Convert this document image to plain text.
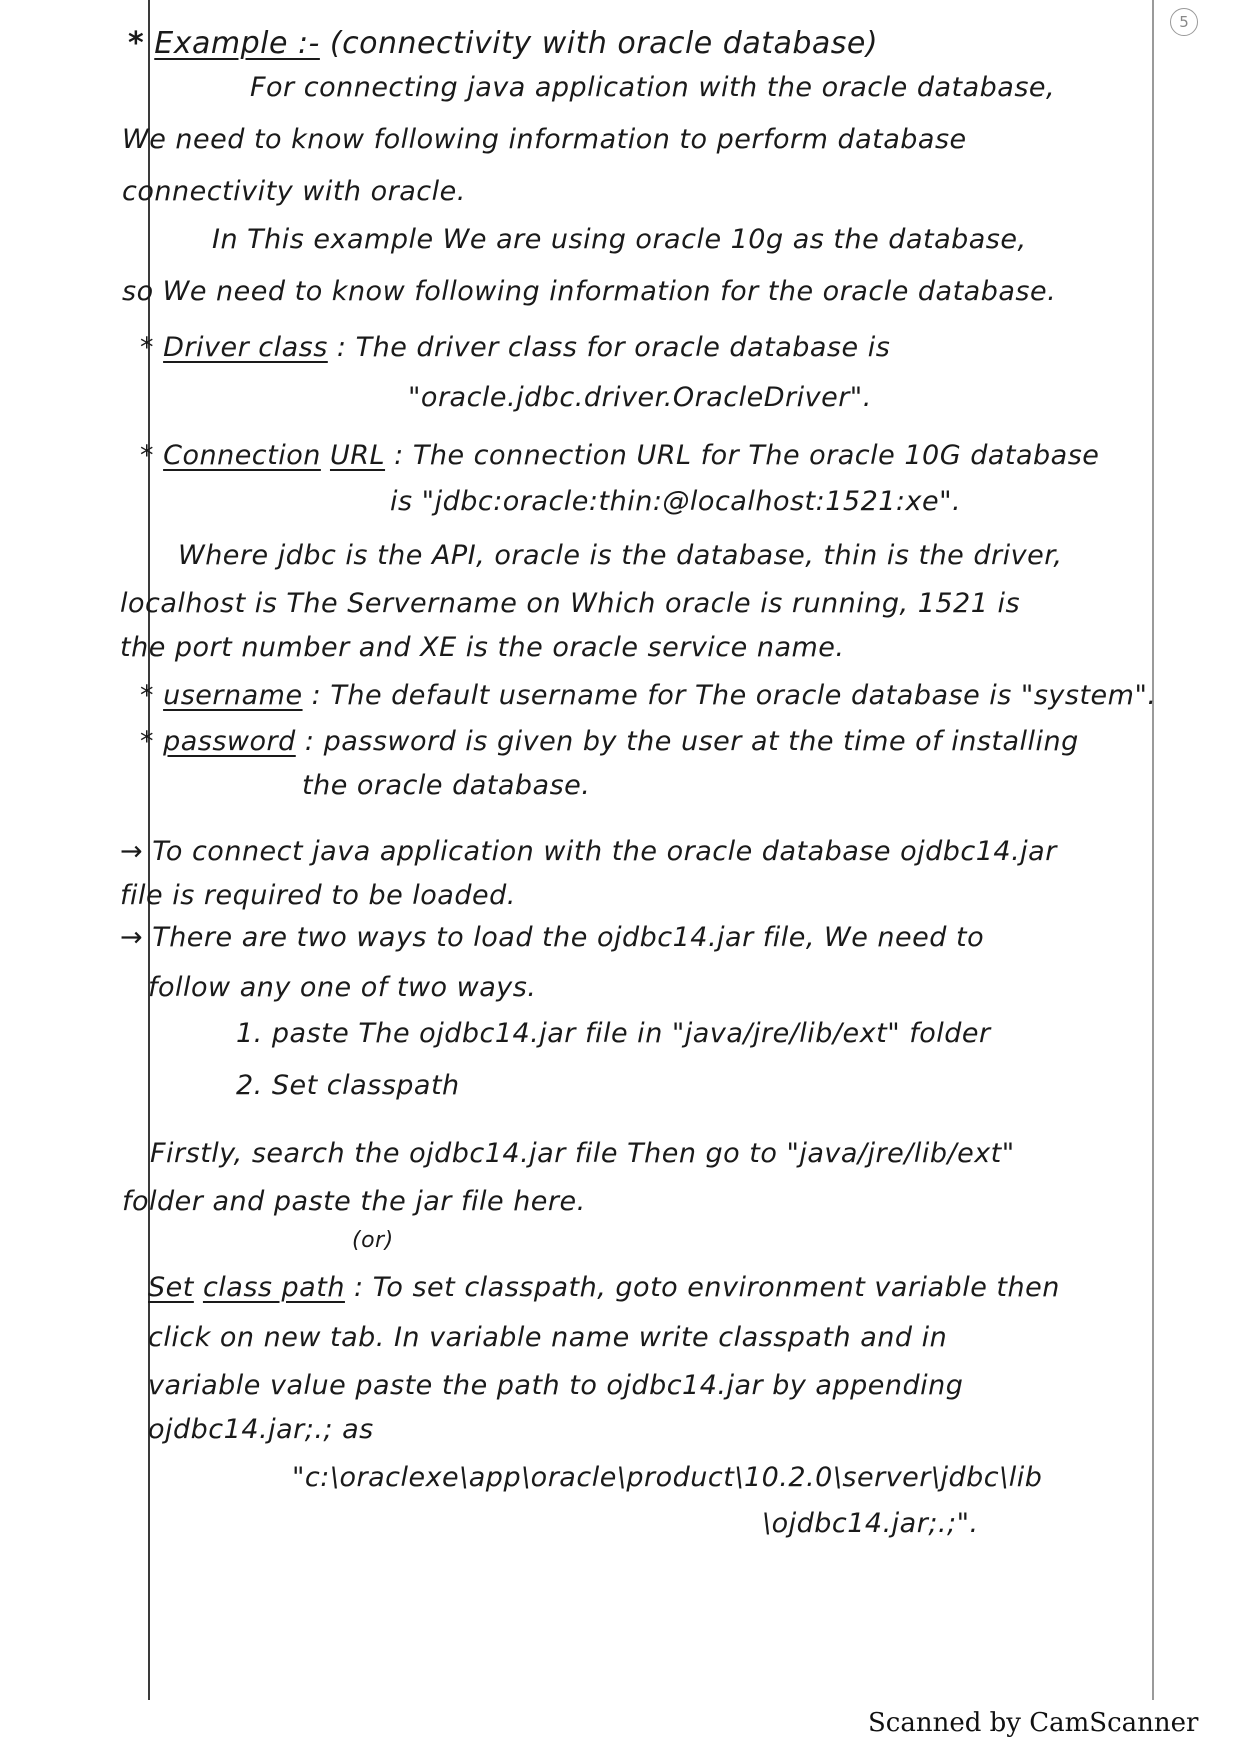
5
* Example :- (connectivity with oracle database)
For connecting java application with the oracle database,
We need to know following information to perform database
connectivity with oracle.
In This example We are using oracle 10g as the database,
so We need to know following information for the oracle database.
* Driver class : The driver class for oracle database is
"oracle.jdbc.driver.OracleDriver".
* Connection URL : The connection URL for The oracle 10G database
is "jdbc:oracle:thin:@localhost:1521:xe".
Where jdbc is the API, oracle is the database, thin is the driver,
localhost is The Servername on Which oracle is running, 1521 is
the port number and XE is the oracle service name.
* username : The default username for The oracle database is "system".
* password : password is given by the user at the time of installing
the oracle database.
→ To connect java application with the oracle database ojdbc14.jar
file is required to be loaded.
→ There are two ways to load the ojdbc14.jar file, We need to
follow any one of two ways.
1. paste The ojdbc14.jar file in "java/jre/lib/ext" folder
2. Set classpath
Firstly, search the ojdbc14.jar file Then go to "java/jre/lib/ext"
folder and paste the jar file here.
(or)
Set class path : To set classpath, goto environment variable then
click on new tab. In variable name write classpath and in
variable value paste the path to ojdbc14.jar by appending
ojdbc14.jar;.; as
"c:\oraclexe\app\oracle\product\10.2.0\server\jdbc\lib
\ojdbc14.jar;.;".
Scanned by CamScanner
